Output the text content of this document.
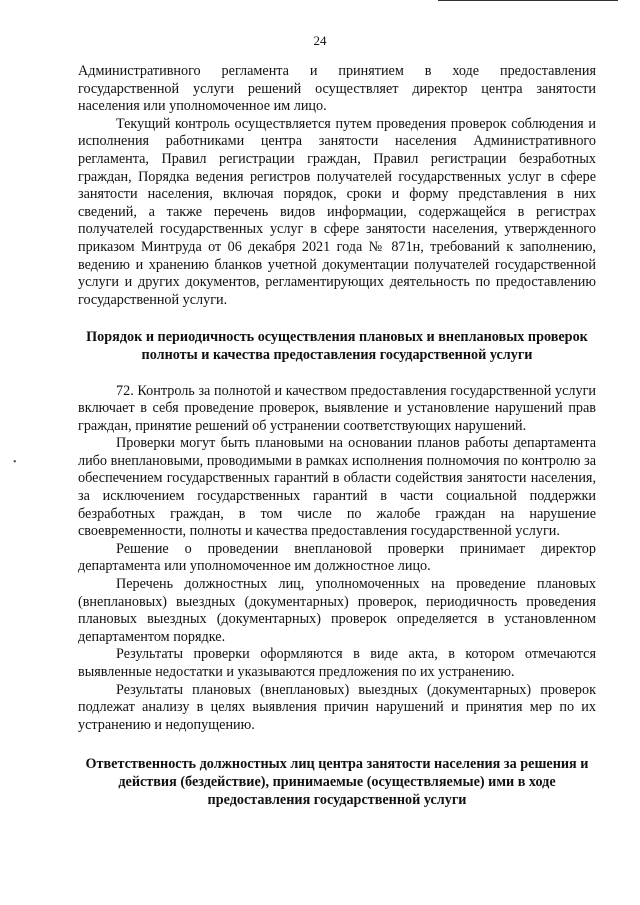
24
•

Административного регламента и принятием в ходе предоставления государственной услуги решений осуществляет директор центра занятости населения или уполномоченное им лицо.

Текущий контроль осуществляется путем проведения проверок соблюдения и исполнения работниками центра занятости населения Административного регламента, Правил регистрации граждан, Правил регистрации безработных граждан, Порядка ведения регистров получателей государственных услуг в сфере занятости населения, включая порядок, сроки и форму представления в них сведений, а также перечень видов информации, содержащейся в регистрах получателей государственных услуг в сфере занятости населения, утвержденного приказом Минтруда от 06 декабря 2021 года № 871н, требований к заполнению, ведению и хранению бланков учетной документации получателей государственной услуги и других документов, регламентирующих деятельность по предоставлению государственной услуги.

Порядок и периодичность осуществления плановых и внеплановых проверок полноты и качества предоставления государственной услуги

72. Контроль за полнотой и качеством предоставления государственной услуги включает в себя проведение проверок, выявление и установление нарушений прав граждан, принятие решений об устранении соответствующих нарушений.

Проверки могут быть плановыми на основании планов работы департамента либо внеплановыми, проводимыми в рамках исполнения полномочия по контролю за обеспечением государственных гарантий в области содействия занятости населения, за исключением государственных гарантий в части социальной поддержки безработных граждан, в том числе по жалобе граждан на нарушение своевременности, полноты и качества предоставления государственной услуги.

Решение о проведении внеплановой проверки принимает директор департамента или уполномоченное им должностное лицо.

Перечень должностных лиц, уполномоченных на проведение плановых (внеплановых) выездных (документарных) проверок, периодичность проведения плановых выездных (документарных) проверок определяется в установленном департаментом порядке.

Результаты проверки оформляются в виде акта, в котором отмечаются выявленные недостатки и указываются предложения по их устранению.

Результаты плановых (внеплановых) выездных (документарных) проверок подлежат анализу в целях выявления причин нарушений и принятия мер по их устранению и недопущению.

Ответственность должностных лиц центра занятости населения за решения и действия (бездействие), принимаемые (осуществляемые) ими в ходе предоставления государственной услуги
